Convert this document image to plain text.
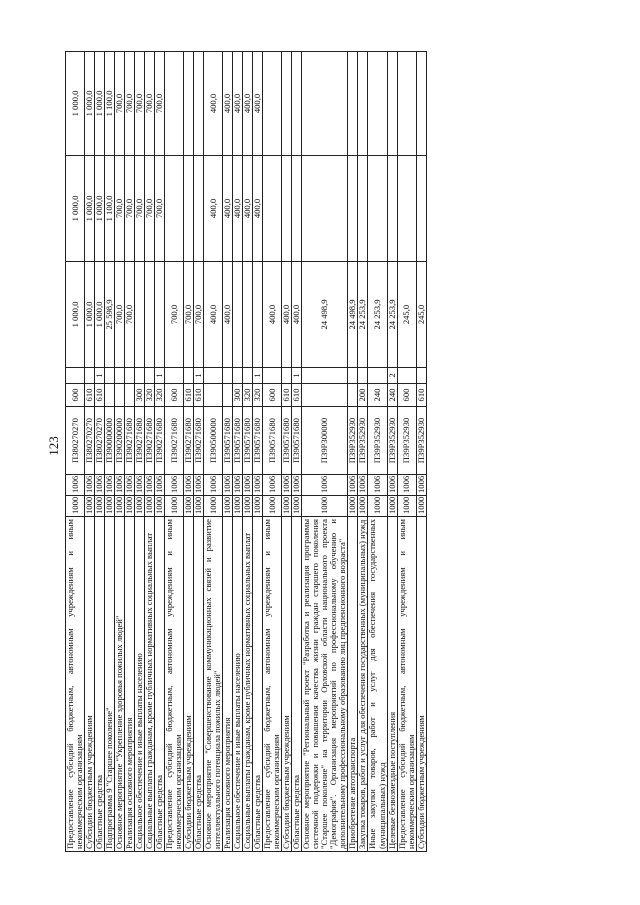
123
Предоставление субсидий бюджетным, автономным учреждениям и иным некоммерческим организациям	1000	1006	П380270270	600		1 000,0	1 000,0	1 000,0
Субсидии бюджетным учреждениям	1000	1006	П380270270	610		1 000,0	1 000,0	1 000,0
Областные средства	1000	1006	П380270270	610	1	1 000,0	1 000,0	1 000,0
Подпрограмма 9 "Старшее поколение"	1000	1006	П390000000			25 598,9	1 100,0	1 100,0
Основное мероприятие "Укрепление здоровья пожилых людей"	1000	1006	П390200000			700,0	700,0	700,0
Реализация основного мероприятия	1000	1006	П390271680			700,0	700,0	700,0
Социальное обеспечение и иные выплаты населению	1000	1006	П390271680	300			700,0	700,0
Социальные выплаты гражданам, кроме публичных нормативных социальных выплат	1000	1006	П390271680	320			700,0	700,0
Областные средства	1000	1006	П390271680	320	1		700,0	700,0
Предоставление субсидий бюджетным, автономным учреждениям и иным некоммерческим организациям	1000	1006	П390271680	600		700,0		
Субсидии бюджетным учреждениям	1000	1006	П390271680	610		700,0		
Областные средства	1000	1006	П390271680	610	1	700,0		
Основное мероприятие "Совершенствование коммуникационных связей и развитие интеллектуального потенциала пожилых людей"	1000	1006	П390500000			400,0	400,0	400,0
Реализация основного мероприятия	1000	1006	П390571680			400,0	400,0	400,0
Социальное обеспечение и иные выплаты населению	1000	1006	П390571680	300			400,0	400,0
Социальные выплаты гражданам, кроме публичных нормативных социальных выплат	1000	1006	П390571680	320			400,0	400,0
Областные средства	1000	1006	П390571680	320	1		400,0	400,0
Предоставление субсидий бюджетным, автономным учреждениям и иным некоммерческим организациям	1000	1006	П390571680	600		400,0		
Субсидии бюджетным учреждениям	1000	1006	П390571680	610		400,0		
Областные средства	1000	1006	П390571680	610	1	400,0		
Основное мероприятие "Региональный проект "Разработка и реализация программы системной поддержки и повышения качества жизни граждан старшего поколения "Старшее поколение" на территории Орловской области национального проекта "Демография". Организация мероприятий по профессиональному обучению и дополнительному профессиональному образованию лиц предпенсионного возраста"	1000	1006	П39Р300000			24 498,9		
Приобретение автотранспорта	1000	1006	П39Р352930			24 498,9		
Закупка товаров, работ и услуг для обеспечения государственных (муниципальных) нужд	1000	1006	П39Р352930	200		24 253,9		
Иные закупки товаров, работ и услуг для обеспечения государственных (муниципальных) нужд	1000	1006	П39Р352930	240		24 253,9		
Целевые безвозмездные поступления	1000	1006	П39Р352930	240	2	24 253,9		
Предоставление субсидий бюджетным, автономным учреждениям и иным некоммерческим организациям	1000	1006	П39Р352930	600		245,0		
Субсидии бюджетным учреждениям	1000	1006	П39Р352930	610		245,0		
